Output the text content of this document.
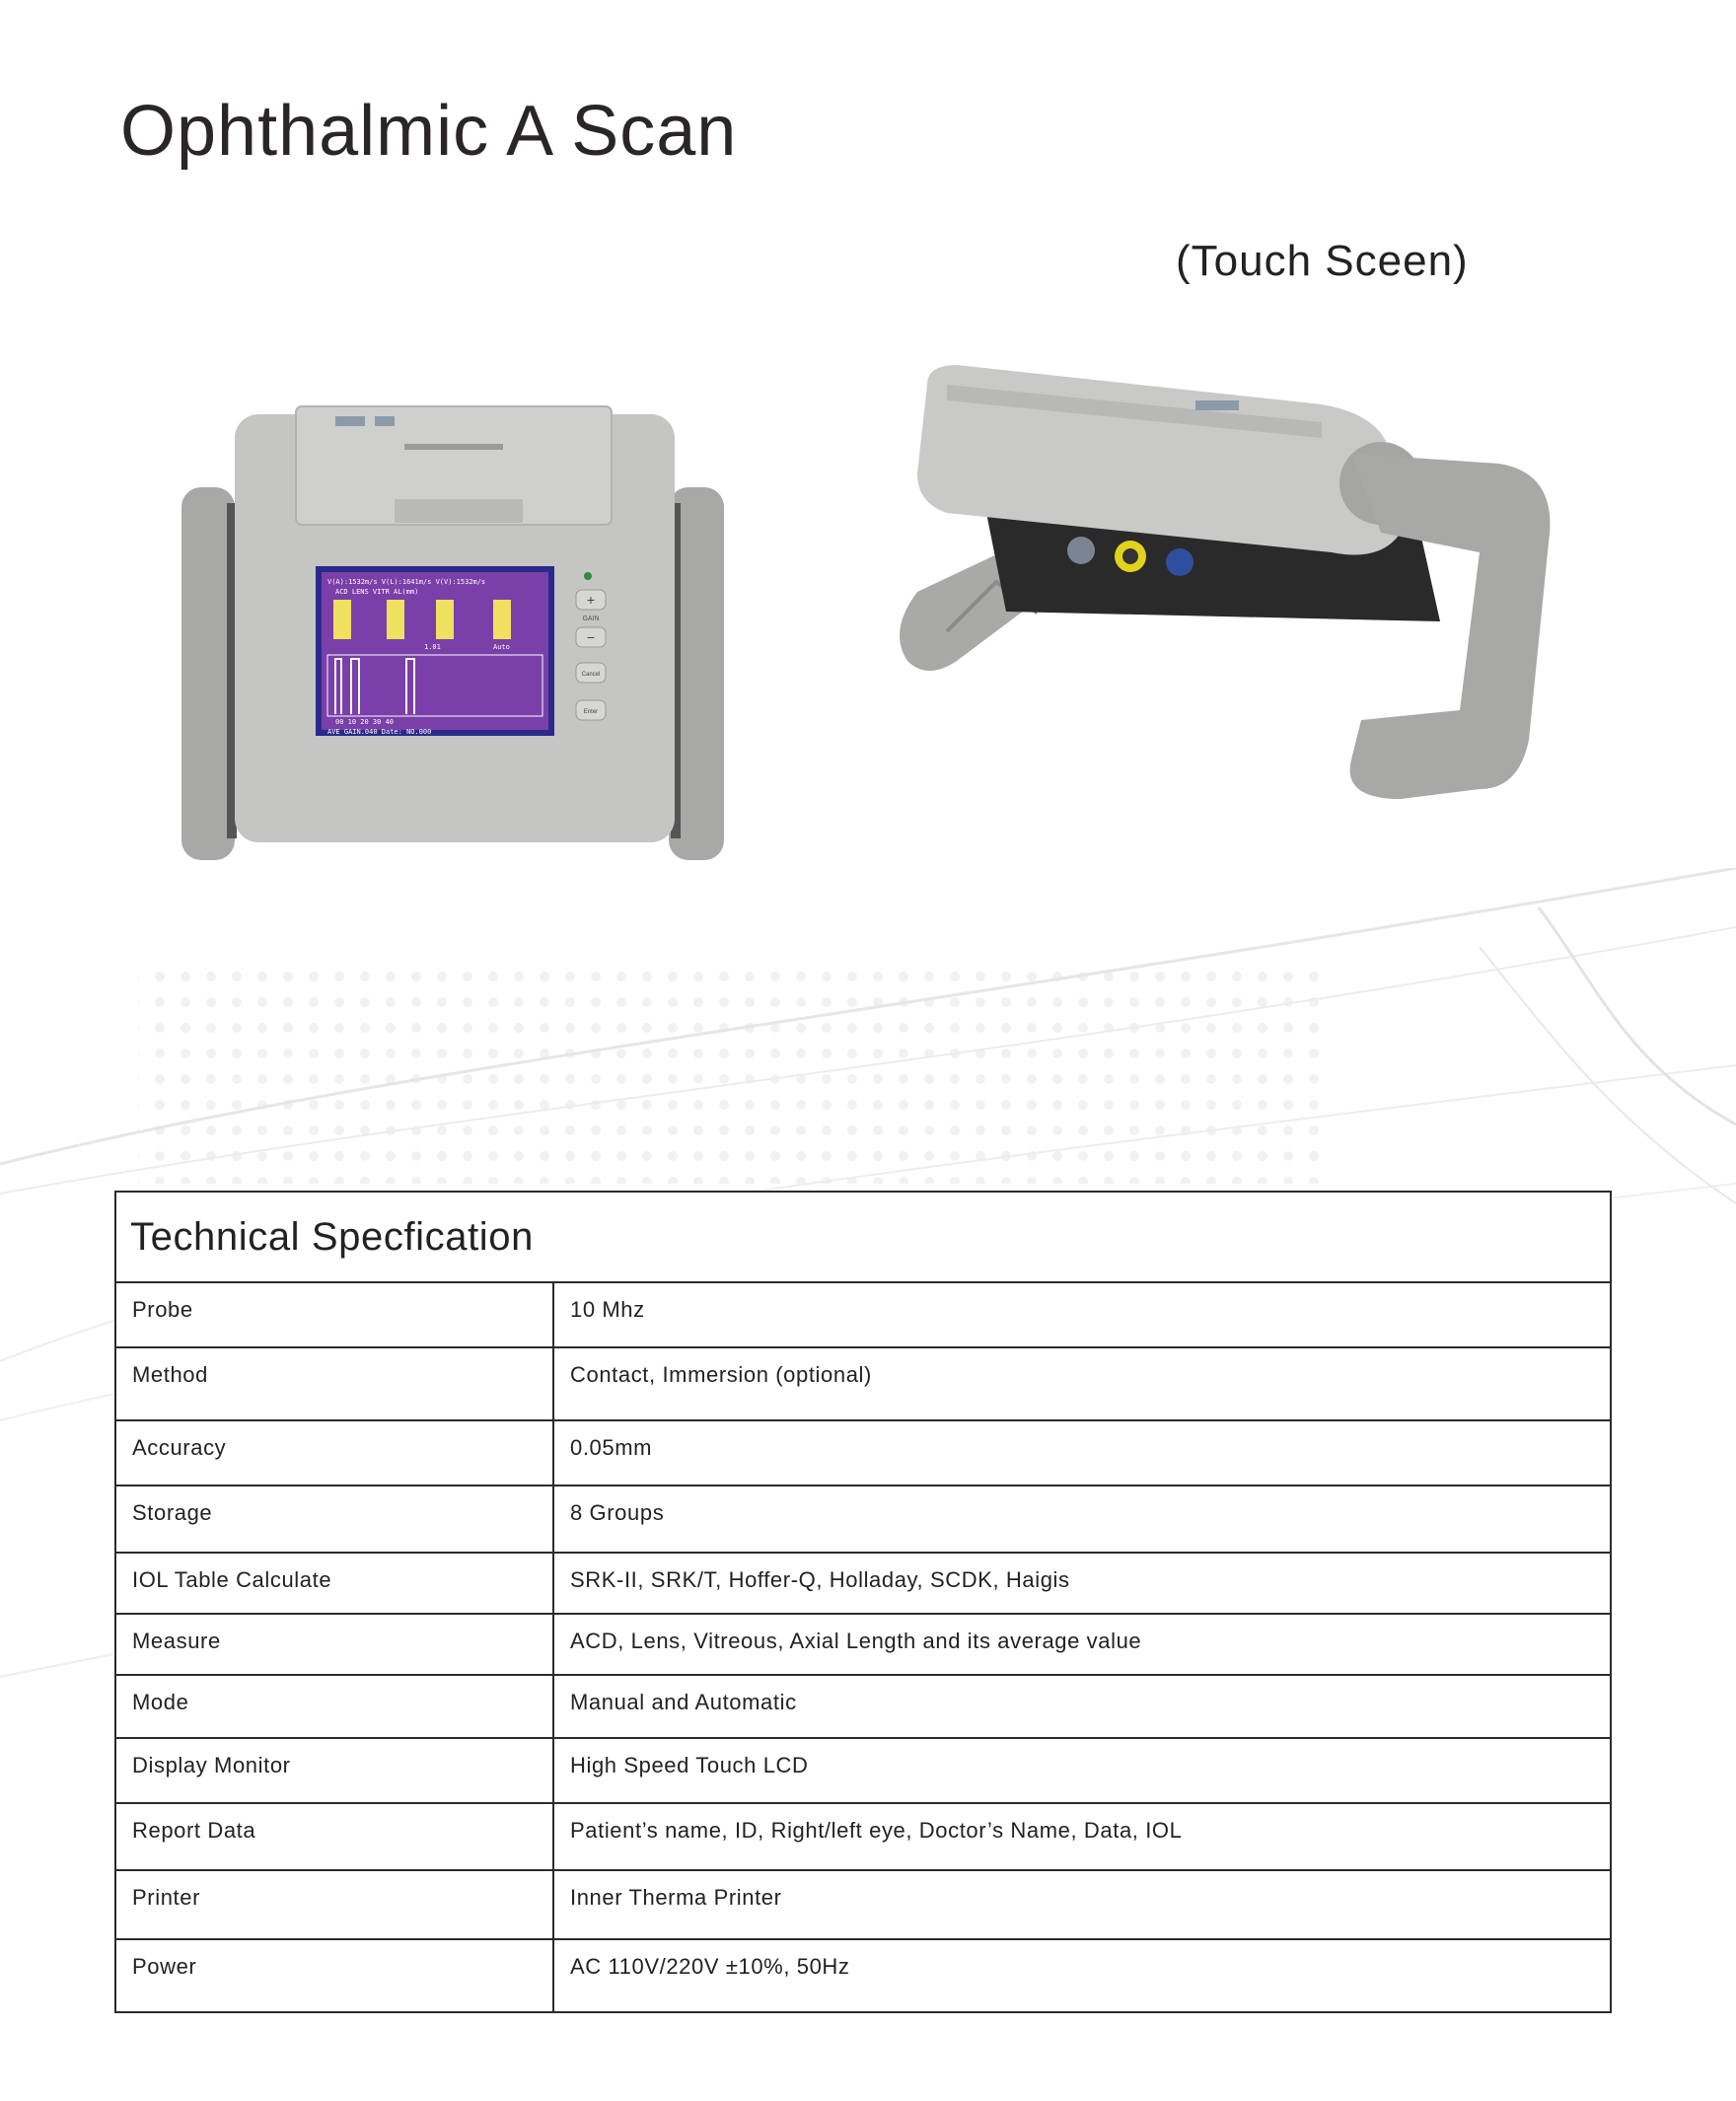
Ophthalmic A Scan
(Touch Sceen)
V(A):1532m/s V(L):1641m/s V(V):1532m/s
ACD LENS VITR AL(mm)
1.01	Auto
00 10 20 30 40
AVE GAIN.040 Date: NO.000
+
GAIN
−
Cancel
Enter
Technical Specfication	
Probe	10 Mhz
Method	Contact, Immersion (optional)
Accuracy	0.05mm
Storage	8 Groups
IOL Table Calculate	SRK-II, SRK/T, Hoffer-Q, Holladay, SCDK, Haigis
Measure	ACD, Lens, Vitreous, Axial Length and its average value
Mode	Manual and Automatic
Display Monitor	High Speed Touch LCD
Report Data	Patient’s name, ID, Right/left eye, Doctor’s Name, Data, IOL
Printer	Inner Therma Printer
Power	AC 110V/220V ±10%, 50Hz
